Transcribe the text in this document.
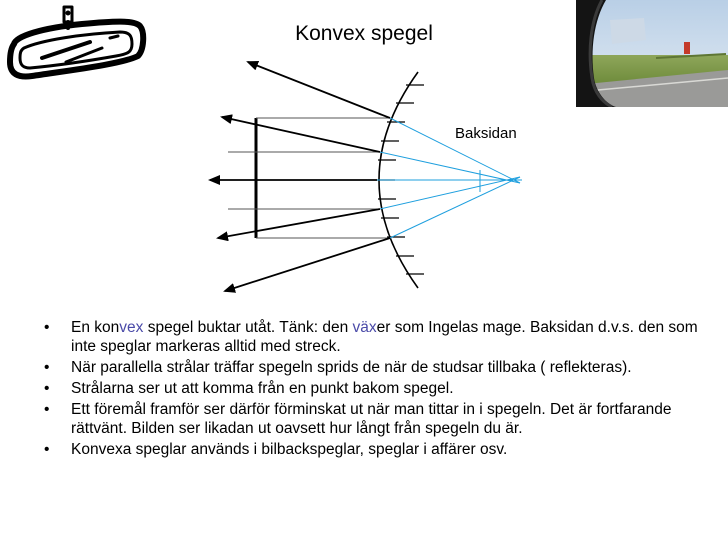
Konvex spegel
Baksidan
• En konvex spegel buktar utåt. Tänk: den växer som Ingelas mage. Baksidan d.v.s. den som inte speglar markeras alltid med streck.
• När parallella strålar träffar spegeln sprids de när de studsar tillbaka ( reflekteras).
• Strålarna ser ut att komma från en punkt bakom spegel.
• Ett föremål framför ser därför förminskat ut när man tittar in i spegeln. Det är fortfarande rättvänt. Bilden ser likadan ut oavsett hur långt från spegeln du är.
• Konvexa speglar används i bilbackspeglar, speglar i affärer osv.
